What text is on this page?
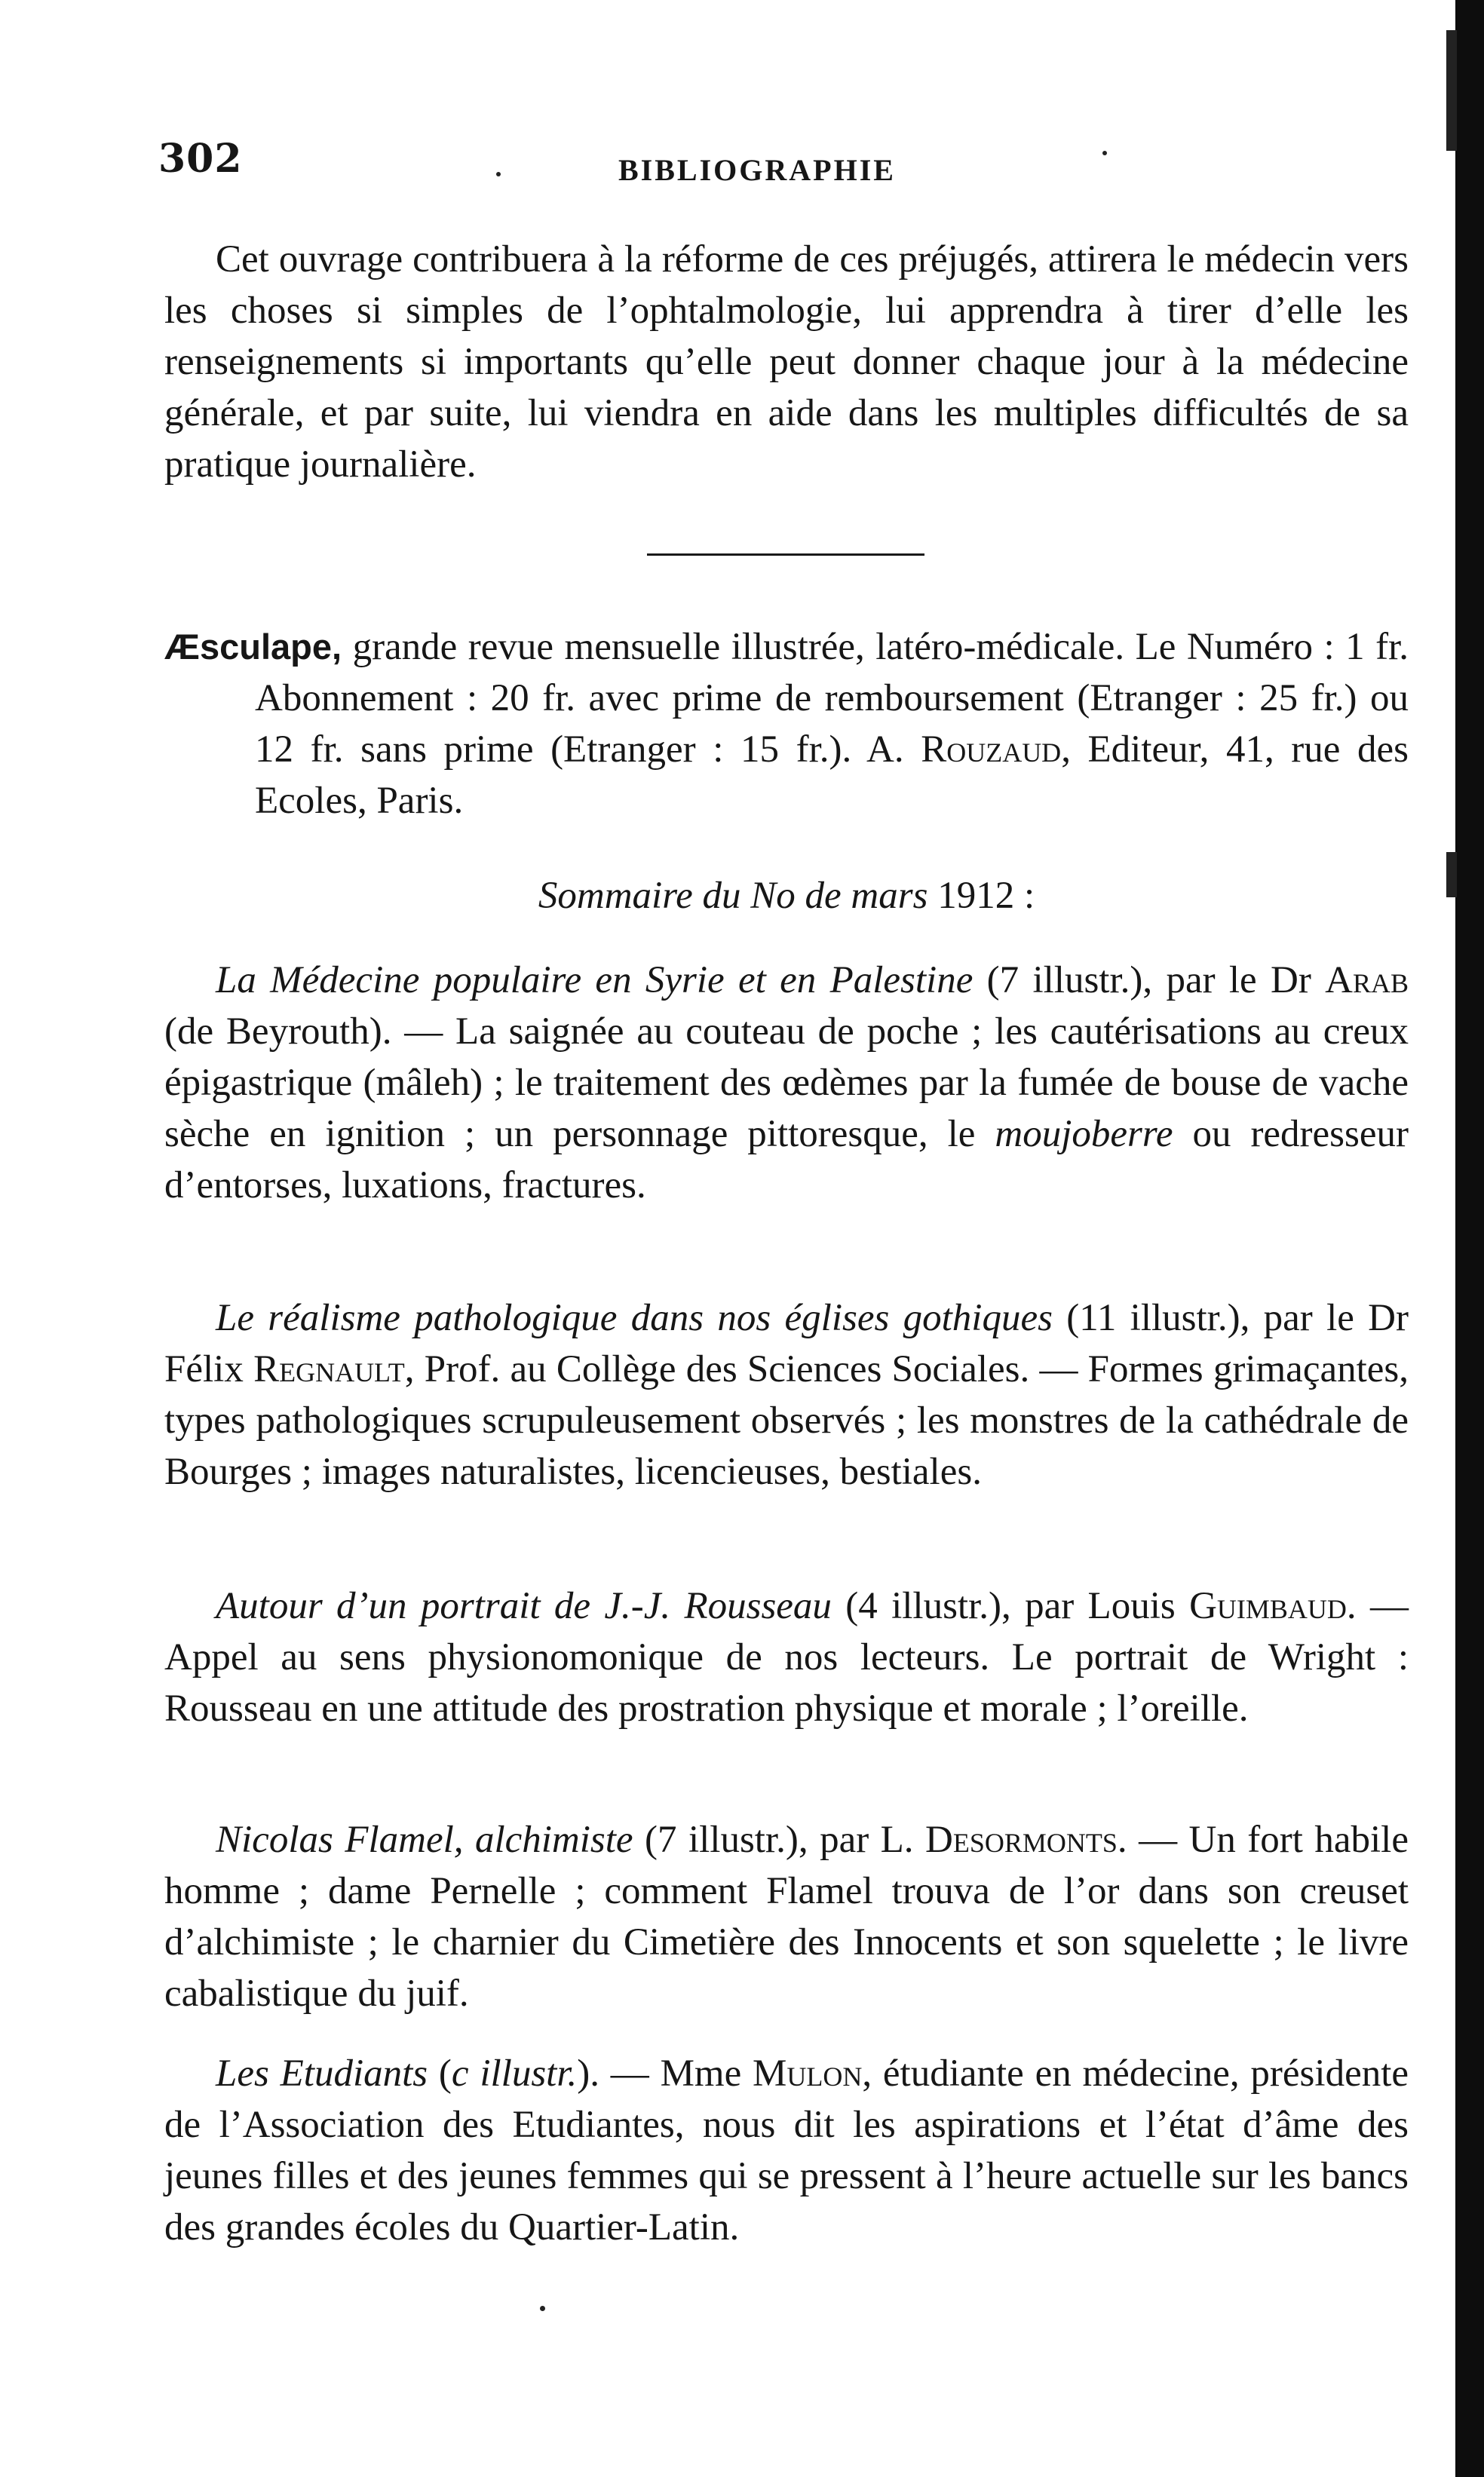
302	BIBLIOGRAPHIE

Cet ouvrage contribuera à la réforme de ces préjugés, attirera le médecin vers les choses si simples de l’ophtalmologie, lui apprendra à tirer d’elle les renseignements si importants qu’elle peut donner chaque jour à la médecine générale, et par suite, lui viendra en aide dans les multiples difficultés de sa pratique journalière.

Æsculape, grande revue mensuelle illustrée, latéro-médicale. Le Numéro : 1 fr. Abonnement : 20 fr. avec prime de remboursement (Etranger : 25 fr.) ou 12 fr. sans prime (Etranger : 15 fr.). A. Rouzaud, Editeur, 41, rue des Ecoles, Paris.

Sommaire du No de mars 1912 :

La Médecine populaire en Syrie et en Palestine (7 illustr.), par le Dr Arab (de Beyrouth). — La saignée au couteau de poche ; les cautérisations au creux épigastrique (mâleh) ; le traitement des œdèmes par la fumée de bouse de vache sèche en ignition ; un personnage pittoresque, le moujoberre ou redresseur d’entorses, luxations, fractures.

Le réalisme pathologique dans nos églises gothiques (11 illustr.), par le Dr Félix Regnault, Prof. au Collège des Sciences Sociales. — Formes grimaçantes, types pathologiques scrupuleusement observés ; les monstres de la cathédrale de Bourges ; images naturalistes, licencieuses, bestiales.

Autour d’un portrait de J.-J. Rousseau (4 illustr.), par Louis Guimbaud. — Appel au sens physionomonique de nos lecteurs. Le portrait de Wright : Rousseau en une attitude des prostration physique et morale ; l’oreille.

Nicolas Flamel, alchimiste (7 illustr.), par L. Desormonts. — Un fort habile homme ; dame Pernelle ; comment Flamel trouva de l’or dans son creuset d’alchimiste ; le charnier du Cimetière des Innocents et son squelette ; le livre cabalistique du juif.

Les Etudiants (c illustr.). — Mme Mulon, étudiante en médecine, présidente de l’Association des Etudiantes, nous dit les aspirations et l’état d’âme des jeunes filles et des jeunes femmes qui se pressent à l’heure actuelle sur les bancs des grandes écoles du Quartier-Latin.
